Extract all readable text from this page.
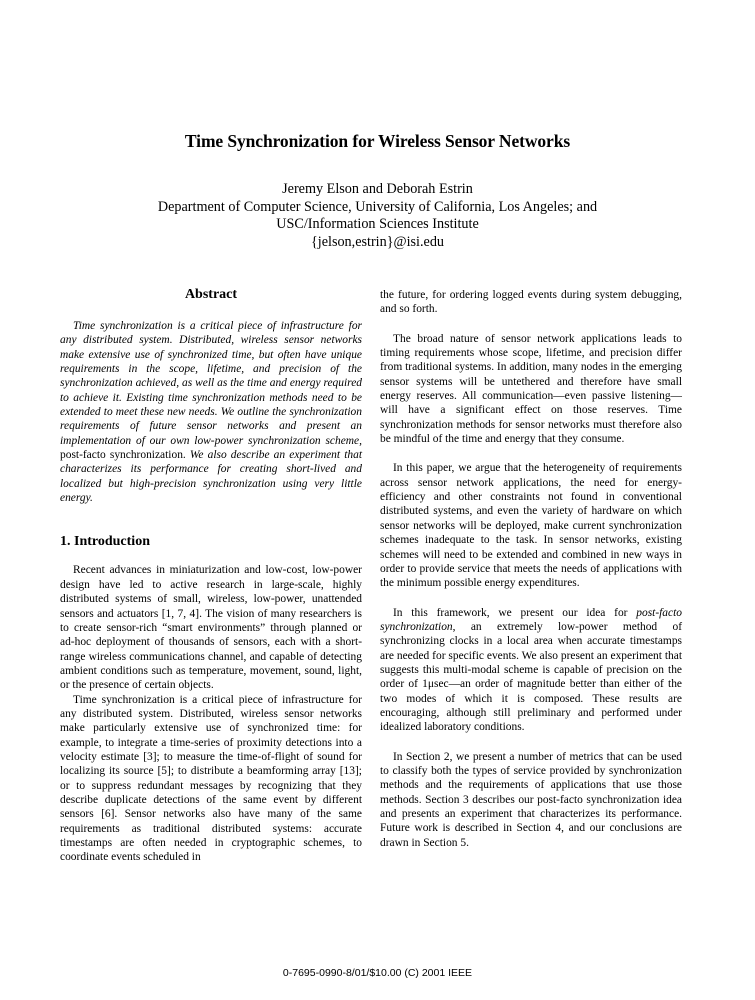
Time Synchronization for Wireless Sensor Networks
Jeremy Elson and Deborah Estrin
Department of Computer Science, University of California, Los Angeles; and
USC/Information Sciences Institute
{jelson,estrin}@isi.edu
Abstract

Time synchronization is a critical piece of infrastructure for any distributed system. Distributed, wireless sensor networks make extensive use of synchronized time, but often have unique requirements in the scope, lifetime, and precision of the synchronization achieved, as well as the time and energy required to achieve it. Existing time synchronization methods need to be extended to meet these new needs. We outline the synchronization requirements of future sensor networks and present an implementation of our own low-power synchronization scheme, post-facto synchronization. We also describe an experiment that characterizes its performance for creating short-lived and localized but high-precision synchronization using very little energy.

1. Introduction

Recent advances in miniaturization and low-cost, low-power design have led to active research in large-scale, highly distributed systems of small, wireless, low-power, unattended sensors and actuators [1, 7, 4]. The vision of many researchers is to create sensor-rich “smart environments” through planned or ad-hoc deployment of thousands of sensors, each with a short-range wireless communications channel, and capable of detecting ambient conditions such as temperature, movement, sound, light, or the presence of certain objects.

Time synchronization is a critical piece of infrastructure for any distributed system. Distributed, wireless sensor networks make particularly extensive use of synchronized time: for example, to integrate a time-series of proximity detections into a velocity estimate [3]; to measure the time-of-flight of sound for localizing its source [5]; to distribute a beamforming array [13]; or to suppress redundant messages by recognizing that they describe duplicate detections of the same event by different sensors [6]. Sensor networks also have many of the same requirements as traditional distributed systems: accurate timestamps are often needed in cryptographic schemes, to coordinate events scheduled in

the future, for ordering logged events during system debugging, and so forth.

The broad nature of sensor network applications leads to timing requirements whose scope, lifetime, and precision differ from traditional systems. In addition, many nodes in the emerging sensor systems will be untethered and therefore have small energy reserves. All communication—even passive listening—will have a significant effect on those reserves. Time synchronization methods for sensor networks must therefore also be mindful of the time and energy that they consume.

In this paper, we argue that the heterogeneity of requirements across sensor network applications, the need for energy-efficiency and other constraints not found in conventional distributed systems, and even the variety of hardware on which sensor networks will be deployed, make current synchronization schemes inadequate to the task. In sensor networks, existing schemes will need to be extended and combined in new ways in order to provide service that meets the needs of applications with the minimum possible energy expenditures.

In this framework, we present our idea for post-facto synchronization, an extremely low-power method of synchronizing clocks in a local area when accurate timestamps are needed for specific events. We also present an experiment that suggests this multi-modal scheme is capable of precision on the order of 1μsec—an order of magnitude better than either of the two modes of which it is composed. These results are encouraging, although still preliminary and performed under idealized laboratory conditions.

In Section 2, we present a number of metrics that can be used to classify both the types of service provided by synchronization methods and the requirements of applications that use those methods. Section 3 describes our post-facto synchronization idea and presents an experiment that characterizes its performance. Future work is described in Section 4, and our conclusions are drawn in Section 5.

0-7695-0990-8/01/$10.00 (C) 2001 IEEE
